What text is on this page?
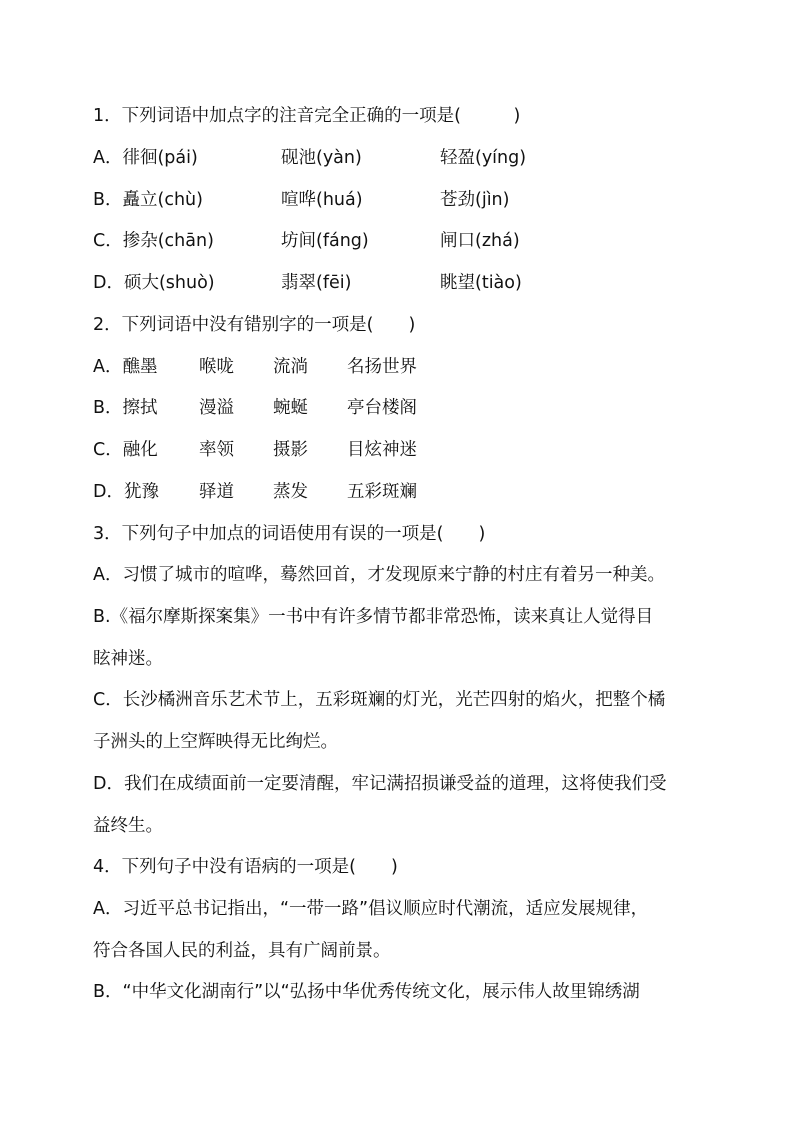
1．下列词语中加点字的注音完全正确的一项是(　　　)
A．徘徊(pái)	砚池(yàn)	轻盈(yíng)
B．矗立(chù)	喧哗(huá)	苍劲(jìn)
C．掺杂(chān)	坊间(fáng)	闸口(zhá)
D．硕大(shuò)	翡翠(fēi)	眺望(tiào)
2．下列词语中没有错别字的一项是(　　)
A．醮墨 喉咙 流淌 名扬世界
B．擦拭 漫溢 蜿蜒 亭台楼阁
C．融化 率领 摄影 目炫神迷
D．犹豫 驿道 蒸发 五彩斑斓
3．下列句子中加点的词语使用有误的一项是(　　)
A．习惯了城市的喧哗，蓦然回首，才发现原来宁静的村庄有着另一种美。
B.《福尔摩斯探案集》一书中有许多情节都非常恐怖，读来真让人觉得目
眩神迷。
C．长沙橘洲音乐艺术节上，五彩斑斓的灯光，光芒四射的焰火，把整个橘
子洲头的上空辉映得无比绚烂。
D．我们在成绩面前一定要清醒，牢记满招损谦受益的道理，这将使我们受
益终生。
4．下列句子中没有语病的一项是(　　)
A．习近平总书记指出，“一带一路”倡议顺应时代潮流，适应发展规律，
符合各国人民的利益，具有广阔前景。
B．“中华文化湖南行”以“弘扬中华优秀传统文化，展示伟人故里锦绣湖
